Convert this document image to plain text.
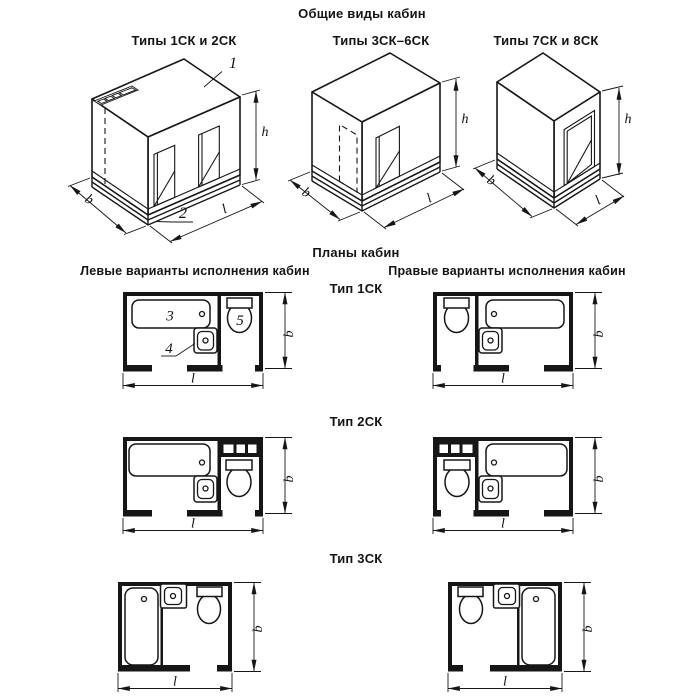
Общие виды кабин
Типы 1СК и 2СК	Типы 3СК–6СК	Типы 7СК и 8СК
Планы кабин
Левые варианты исполнения кабин	Правые варианты исполнения кабин
Тип 1СК
Тип 2СК
Тип 3СК
1
2
h
b
l
h
b	l
h
b
l
3	5
4
b
l
b
l
b
l
b
l
b
l
b
l
